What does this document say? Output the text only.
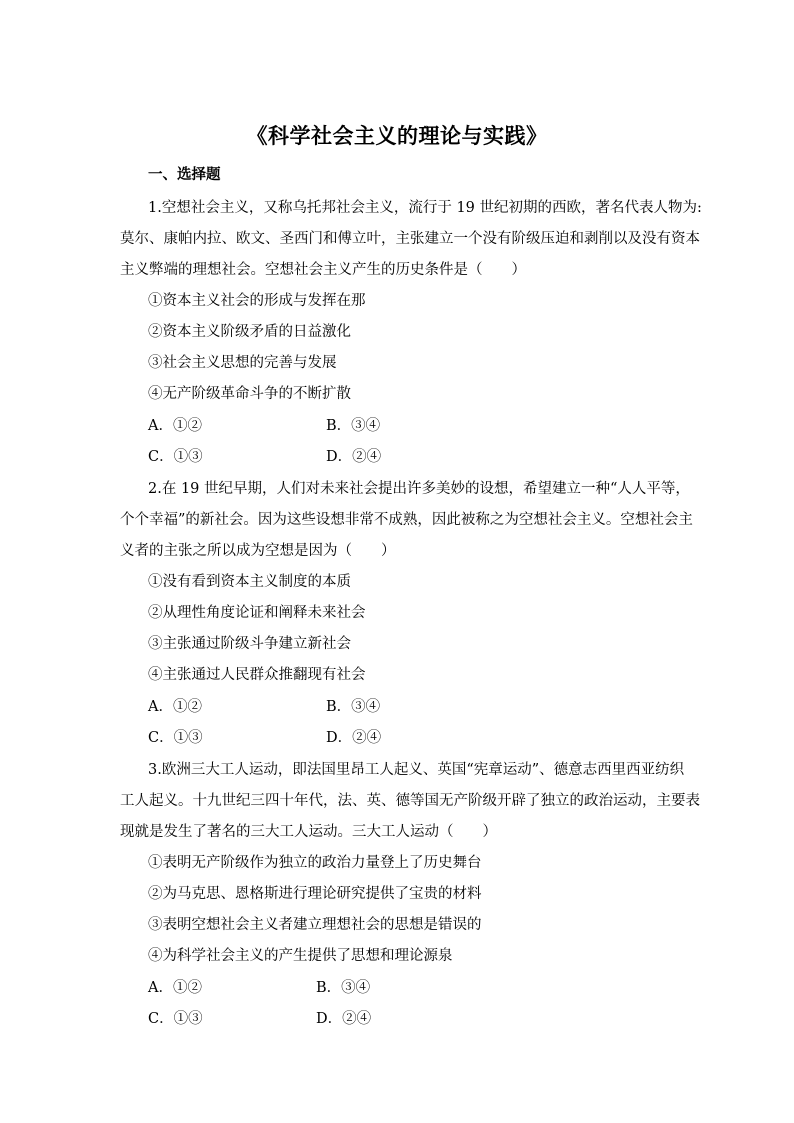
《科学社会主义的理论与实践》
一、选择题
1.空想社会主义，又称乌托邦社会主义，流行于 19 世纪初期的西欧，著名代表人物为:
莫尔、康帕内拉、欧文、圣西门和傅立叶，主张建立一个没有阶级压迫和剥削以及没有资本
主义弊端的理想社会。空想社会主义产生的历史条件是（　　）
①资本主义社会的形成与发挥在那
②资本主义阶级矛盾的日益激化
③社会主义思想的完善与发展
④无产阶级革命斗争的不断扩散
A．①②	B．③④
C．①③	D．②④
2.在 19 世纪早期，人们对未来社会提出许多美妙的设想，希望建立一种“人人平等，
个个幸福”的新社会。因为这些设想非常不成熟，因此被称之为空想社会主义。空想社会主
义者的主张之所以成为空想是因为（　　）
①没有看到资本主义制度的本质
②从理性角度论证和阐释未来社会
③主张通过阶级斗争建立新社会
④主张通过人民群众推翻现有社会
A．①②	B．③④
C．①③	D．②④
3.欧洲三大工人运动，即法国里昂工人起义、英国“宪章运动”、德意志西里西亚纺织
工人起义。十九世纪三四十年代，法、英、德等国无产阶级开辟了独立的政治运动，主要表
现就是发生了著名的三大工人运动。三大工人运动（　　）
①表明无产阶级作为独立的政治力量登上了历史舞台
②为马克思、恩格斯进行理论研究提供了宝贵的材料
③表明空想社会主义者建立理想社会的思想是错误的
④为科学社会主义的产生提供了思想和理论源泉
A．①②	B．③④
C．①③	D．②④
